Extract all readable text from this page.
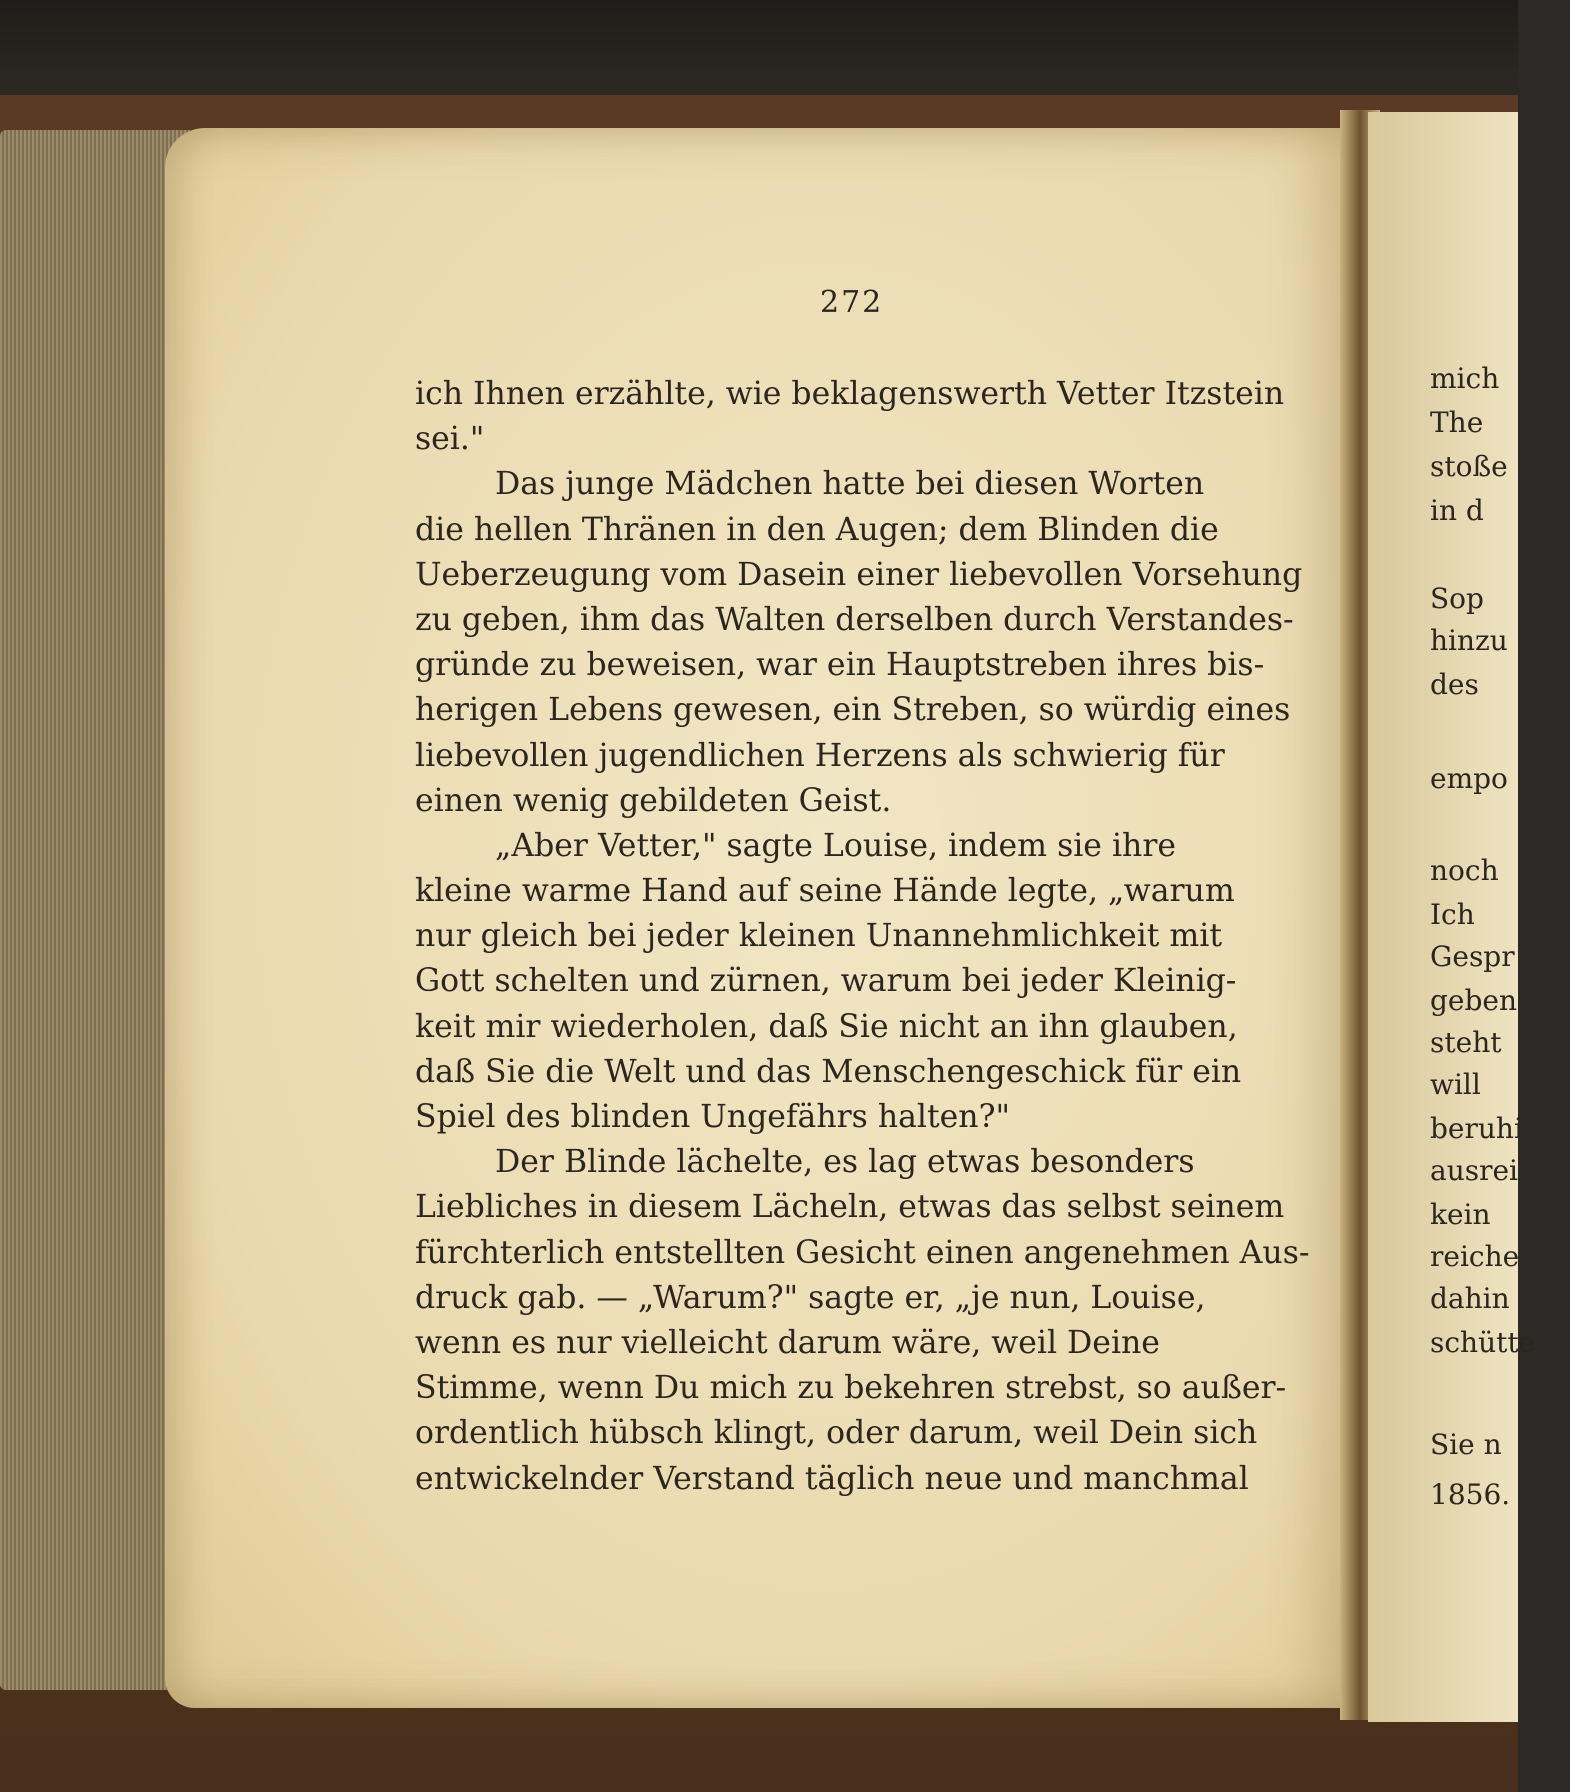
272
ich Ihnen erzählte, wie beklagenswerth Vetter Itzstein
sei."
Das junge Mädchen hatte bei diesen Worten
die hellen Thränen in den Augen; dem Blinden die
Ueberzeugung vom Dasein einer liebevollen Vorsehung
zu geben, ihm das Walten derselben durch Verstandes-
gründe zu beweisen, war ein Hauptstreben ihres bis-
herigen Lebens gewesen, ein Streben, so würdig eines
liebevollen jugendlichen Herzens als schwierig für
einen wenig gebildeten Geist.
„Aber Vetter," sagte Louise, indem sie ihre
kleine warme Hand auf seine Hände legte, „warum
nur gleich bei jeder kleinen Unannehmlichkeit mit
Gott schelten und zürnen, warum bei jeder Kleinig-
keit mir wiederholen, daß Sie nicht an ihn glauben,
daß Sie die Welt und das Menschengeschick für ein
Spiel des blinden Ungefährs halten?"
Der Blinde lächelte, es lag etwas besonders
Liebliches in diesem Lächeln, etwas das selbst seinem
fürchterlich entstellten Gesicht einen angenehmen Aus-
druck gab. — „Warum?" sagte er, „je nun, Louise,
wenn es nur vielleicht darum wäre, weil Deine
Stimme, wenn Du mich zu bekehren strebst, so außer-
ordentlich hübsch klingt, oder darum, weil Dein sich
entwickelnder Verstand täglich neue und manchmal
mich
The
stoße
in d
Sop
hinzu
des
empo
noch
Ich
Gespr
geben
steht
will
beruhi
ausrei
kein
reiche
dahin
schütte
Sie n
1856.
